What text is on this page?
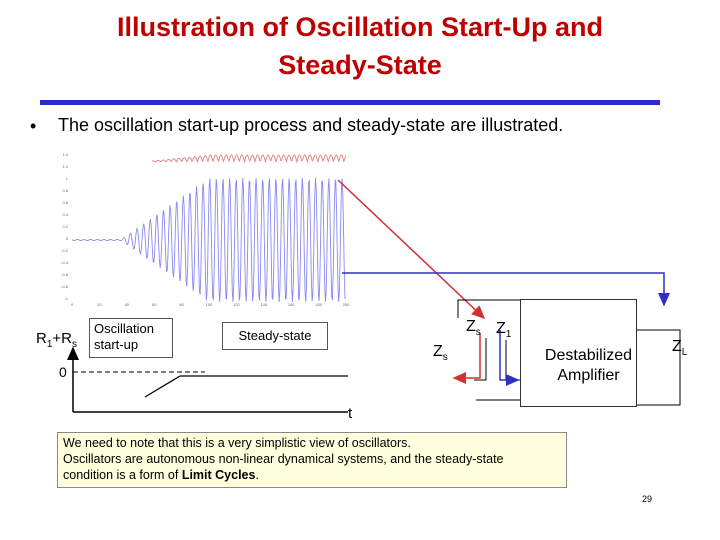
Illustration of Oscillation Start-Up and
Steady-State
• The oscillation start-up process and steady-state are illustrated.
1.4
1.2
1
0.8
0.6
0.4
0.2
0
-0.2
-0.4
-0.6
-0.8
-1
0	20	40	60	80	100	120	140	160	180	200
$R_1+R_s$
0
t
Oscillation
start-up
Steady-state
$Z_s$ $Z_1$
$Z_s$	Destabilized
Amplifier
$Z_L$
We need to note that this is a very simplistic view of oscillators.
Oscillators are autonomous non-linear dynamical systems, and the steady-state
condition is a form of Limit Cycles.
29
